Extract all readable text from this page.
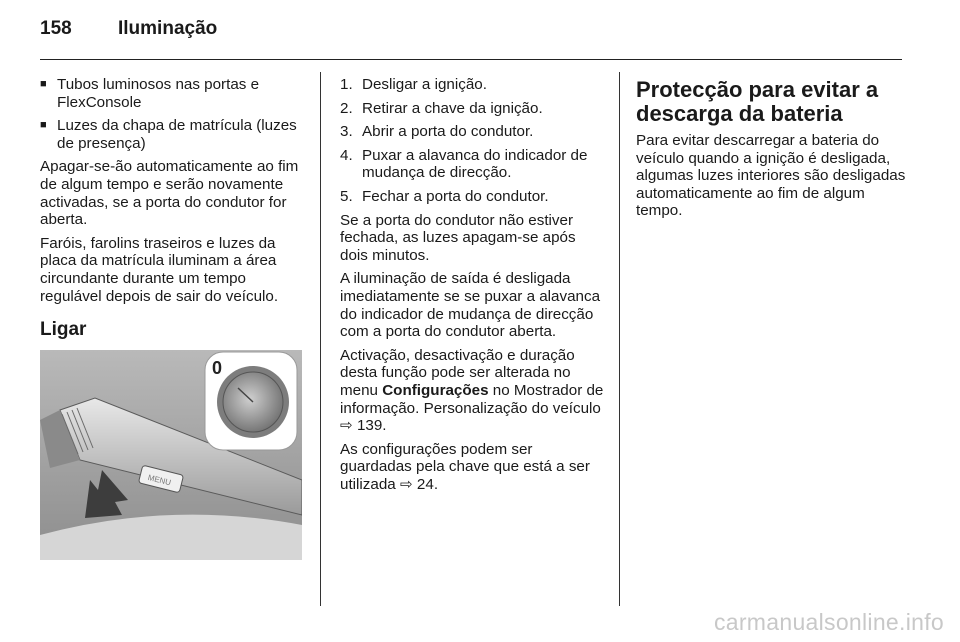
158 Iluminação
■ Tubos luminosos nas portas e FlexConsole
■ Luzes da chapa de matrícula (luzes de presença)

Apagar-se-ão automaticamente ao fim de algum tempo e serão novamente activadas, se a porta do condutor for aberta.

Faróis, farolins traseiros e luzes da placa da matrícula iluminam a área circundante durante um tempo regulável depois de sair do veículo.

Ligar
MENU
0
1. Desligar a ignição.
2. Retirar a chave da ignição.
3. Abrir a porta do condutor.
4. Puxar a alavanca do indicador de mudança de direcção.
5. Fechar a porta do condutor.

Se a porta do condutor não estiver fechada, as luzes apagam-se após dois minutos.

A iluminação de saída é desligada imediatamente se se puxar a alavanca do indicador de mudança de direcção com a porta do condutor aberta.

Activação, desactivação e duração desta função pode ser alterada no menu Configurações no Mostrador de informação. Personalização do veículo ⇨ 139.

As configurações podem ser guardadas pela chave que está a ser utilizada ⇨ 24.

Protecção para evitar a descarga da bateria

Para evitar descarregar a bateria do veículo quando a ignição é desligada, algumas luzes interiores são desligadas automaticamente ao fim de algum tempo.

carmanualsonline.info
